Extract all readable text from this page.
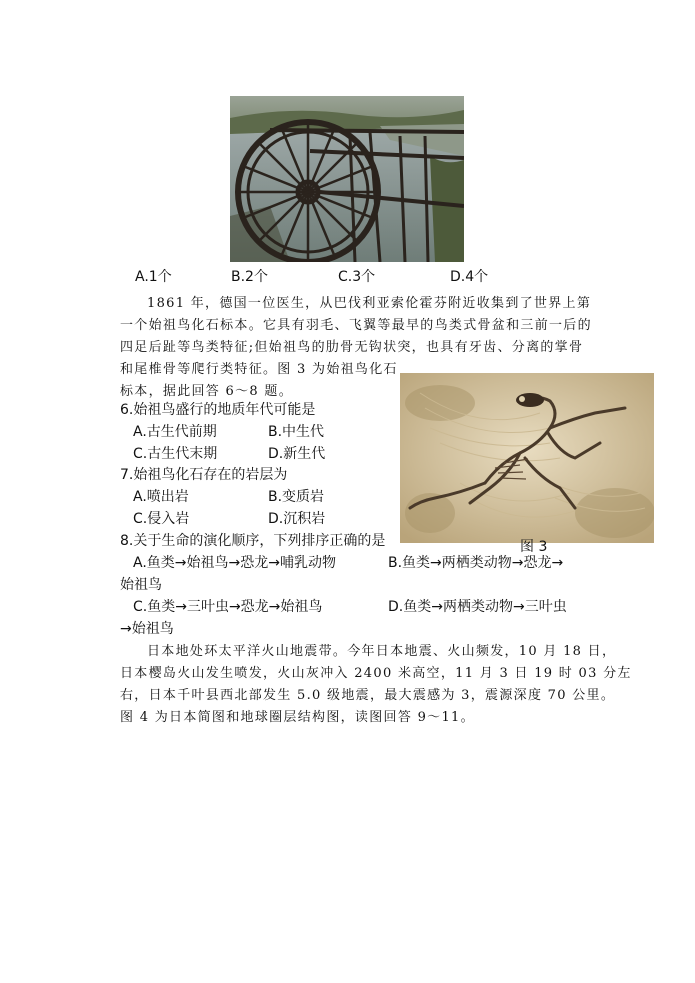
A.1个	B.2个	C.3个	D.4个
1861 年，德国一位医生，从巴伐利亚索伦霍芬附近收集到了世界上第
一个始祖鸟化石标本。它具有羽毛、飞翼等最早的鸟类式骨盆和三前一后的
四足后趾等鸟类特征;但始祖鸟的肋骨无钩状突，也具有牙齿、分离的掌骨
和尾椎骨等爬行类特征。图 3 为始祖鸟化石
标本，据此回答 6～8 题。
6.始祖鸟盛行的地质年代可能是
A.古生代前期	B.中生代
C.古生代末期	D.新生代
7.始祖鸟化石存在的岩层为
A.喷出岩	B.变质岩
C.侵入岩	D.沉积岩
图 3
8.关于生命的演化顺序，下列排序正确的是
A.鱼类→始祖鸟→恐龙→哺乳动物	B.鱼类→两栖类动物→恐龙→
始祖鸟
C.鱼类→三叶虫→恐龙→始祖鸟	D.鱼类→两栖类动物→三叶虫
→始祖鸟
日本地处环太平洋火山地震带。今年日本地震、火山频发，10 月 18 日，
日本樱岛火山发生喷发，火山灰冲入 2400 米高空，11 月 3 日 19 时 03 分左
右，日本千叶县西北部发生 5.0 级地震，最大震感为 3，震源深度 70 公里。
图 4 为日本简图和地球圈层结构图，读图回答 9～11。
